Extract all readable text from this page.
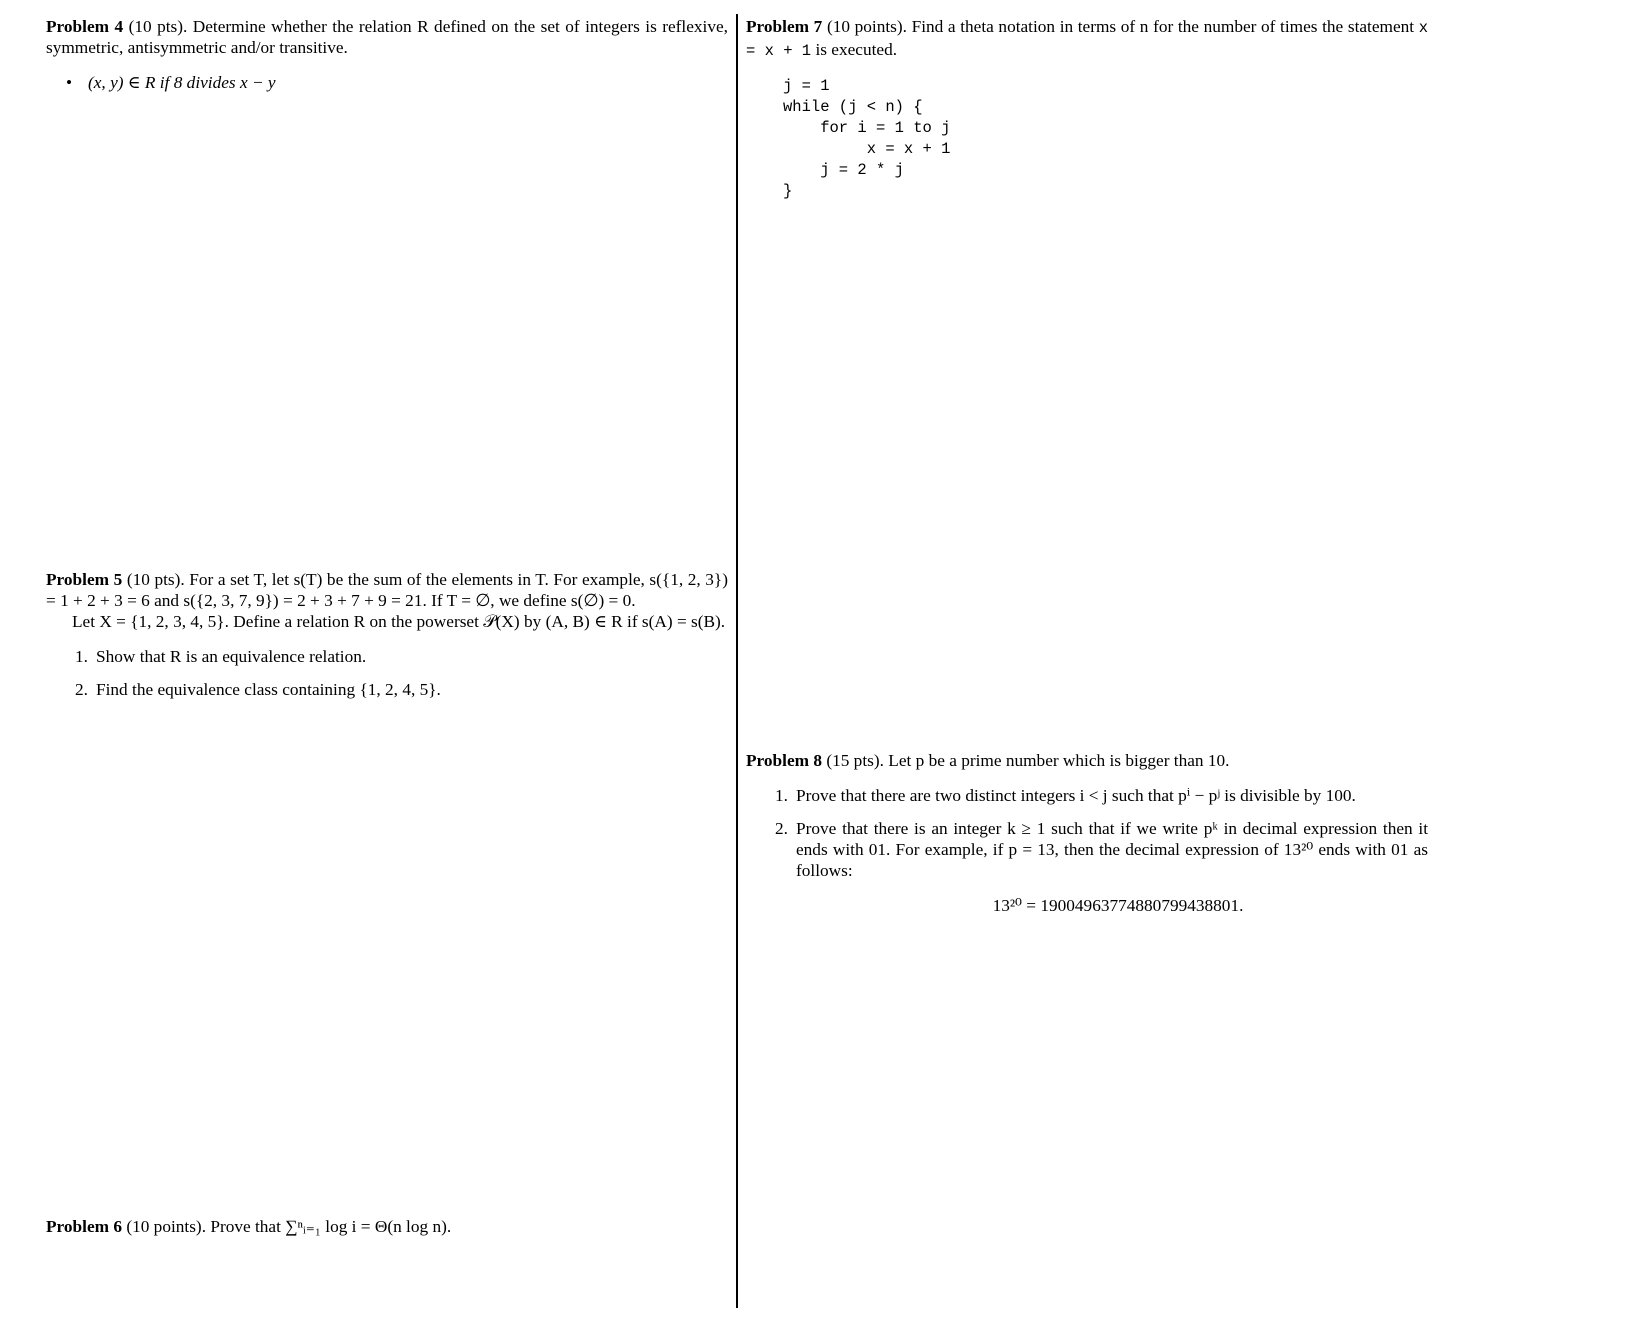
Problem 4 (10 pts). Determine whether the relation R defined on the set of integers is reflexive, symmetric, antisymmetric and/or transitive.

• (x, y) ∈ R if 8 divides x − y

Problem 5 (10 pts). For a set T, let s(T) be the sum of the elements in T. For example, s({1, 2, 3}) = 1 + 2 + 3 = 6 and s({2, 3, 7, 9}) = 2 + 3 + 7 + 9 = 21. If T = ∅, we define s(∅) = 0.

Let X = {1, 2, 3, 4, 5}. Define a relation R on the powerset 𝒫(X) by (A, B) ∈ R if s(A) = s(B).

1. Show that R is an equivalence relation.
2. Find the equivalence class containing {1, 2, 4, 5}.

Problem 6 (10 points). Prove that ∑ⁿᵢ₌₁ log i = Θ(n log n).

Problem 7 (10 points). Find a theta notation in terms of n for the number of times the statement x = x + 1 is executed.

j = 1
while (j < n) {
for i = 1 to j
x = x + 1
j = 2 * j
}

Problem 8 (15 pts). Let p be a prime number which is bigger than 10.

1. Prove that there are two distinct integers i < j such that pⁱ − pʲ is divisible by 100.
2. Prove that there is an integer k ≥ 1 such that if we write pᵏ in decimal expression then it ends with 01. For example, if p = 13, then the decimal expression of 13²⁰ ends with 01 as follows:
13²⁰ = 19004963774880799438801.
